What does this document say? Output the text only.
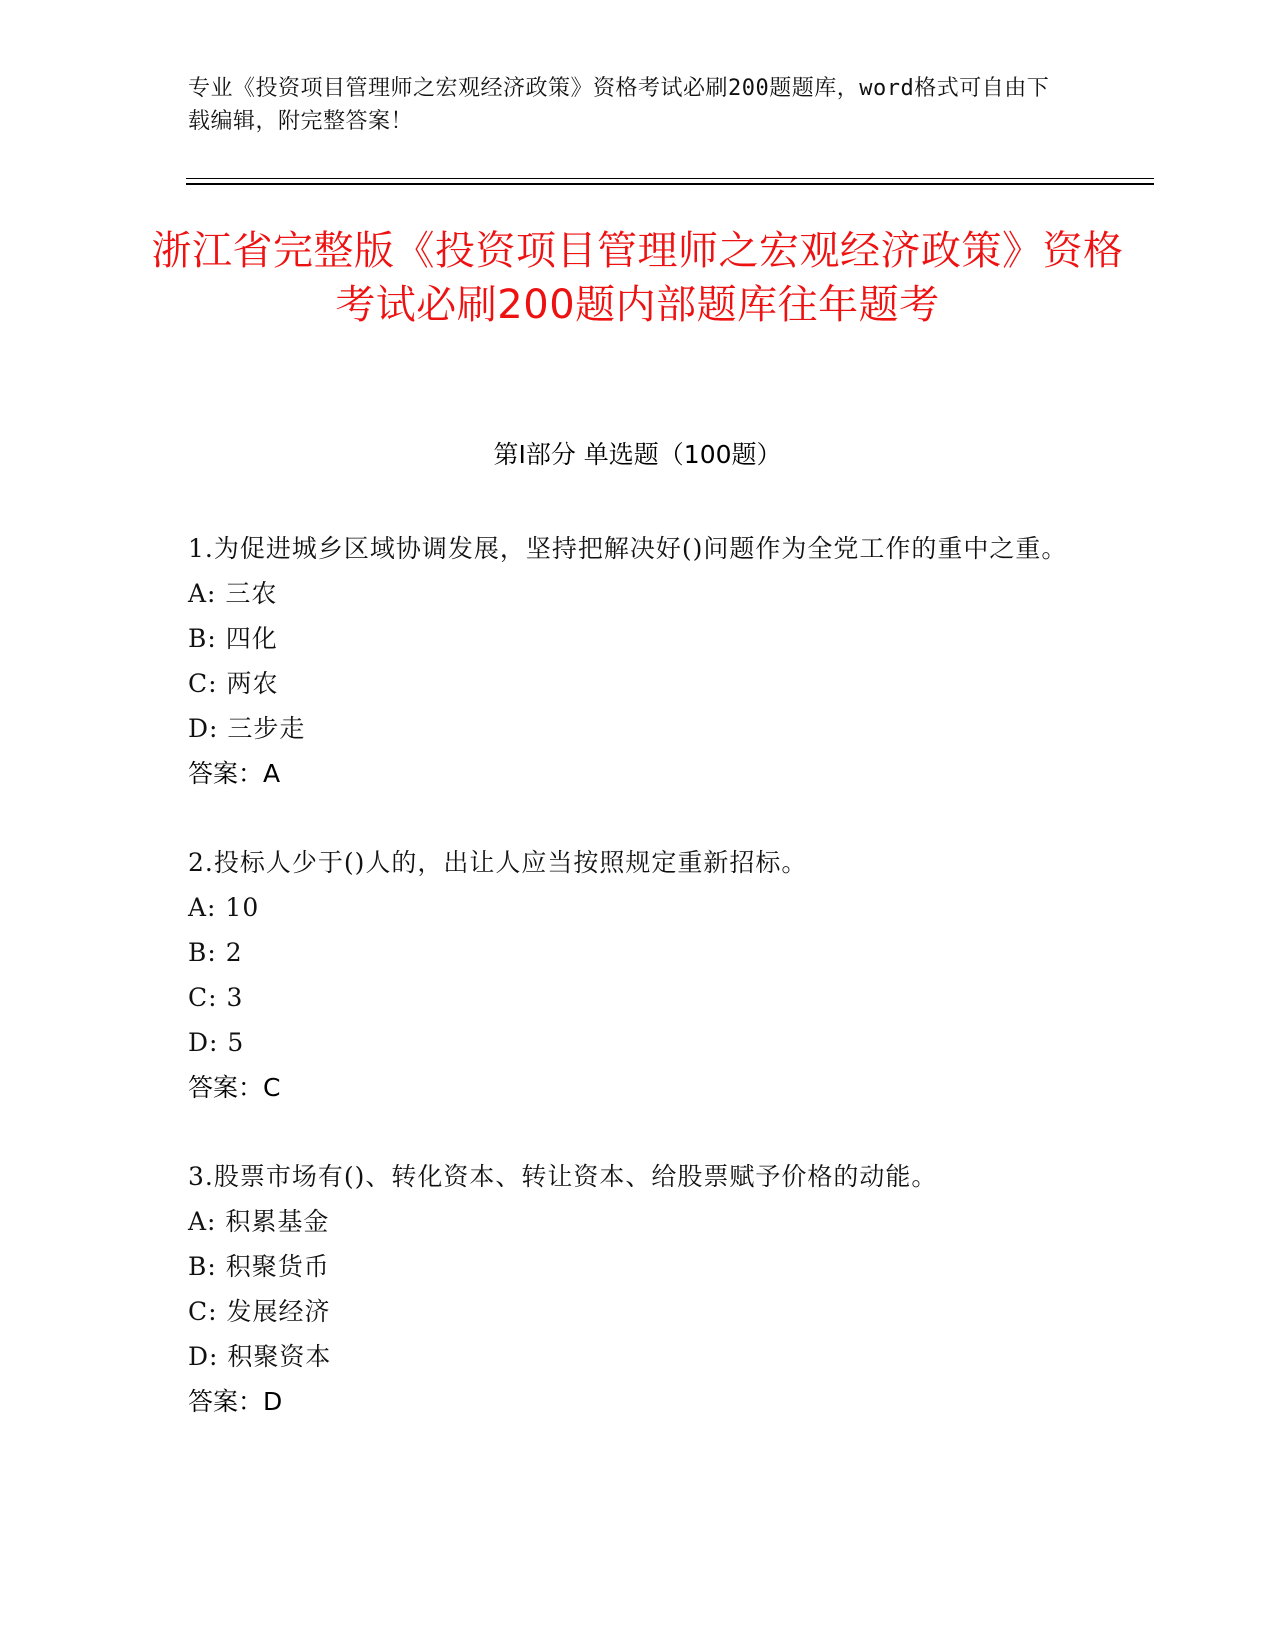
专业《投资项目管理师之宏观经济政策》资格考试必刷200题题库，word格式可自由下载编辑，附完整答案！
浙江省完整版《投资项目管理师之宏观经济政策》资格考试必刷200题内部题库往年题考
第Ⅰ部分 单选题（100题）
1.为促进城乡区域协调发展，坚持把解决好()问题作为全党工作的重中之重。
A: 三农
B: 四化
C: 两农
D: 三步走
答案：A
2.投标人少于()人的，出让人应当按照规定重新招标。
A: 10
B: 2
C: 3
D: 5
答案：C
3.股票市场有()、转化资本、转让资本、给股票赋予价格的动能。
A: 积累基金
B: 积聚货币
C: 发展经济
D: 积聚资本
答案：D
